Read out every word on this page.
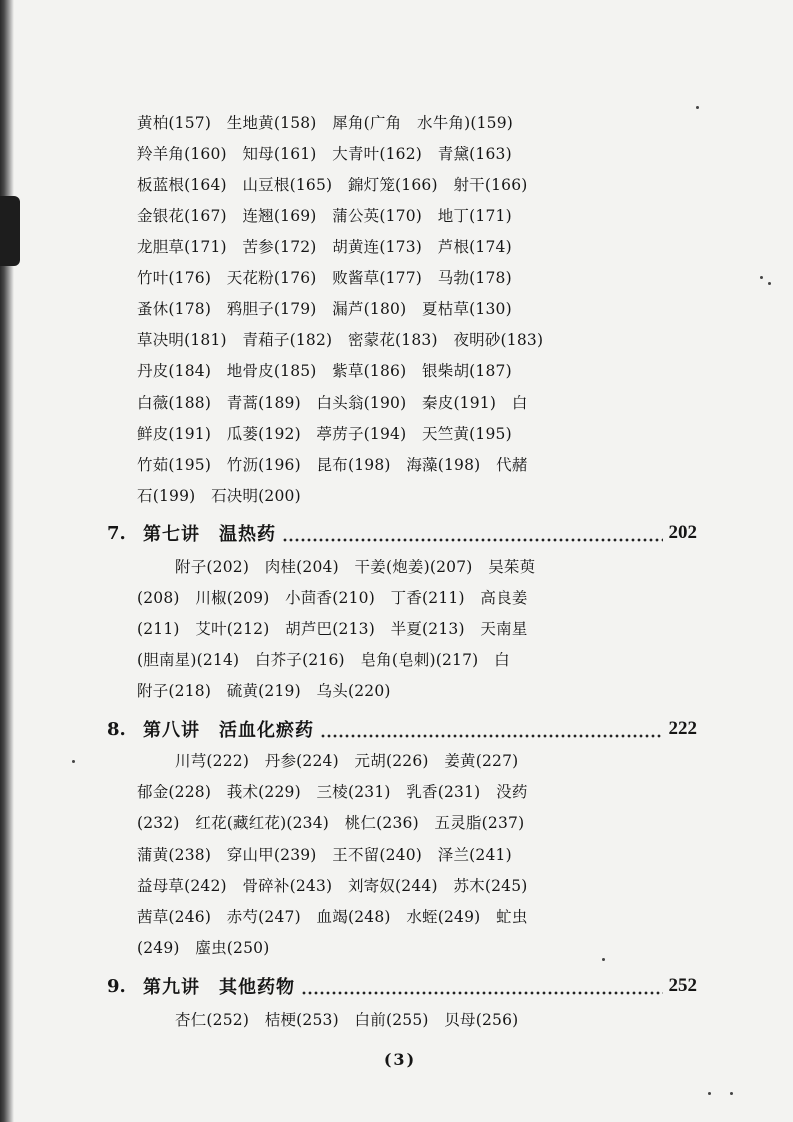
黄柏(157)　生地黄(158)　犀角(广角　水牛角)(159)
羚羊角(160)　知母(161)　大青叶(162)　青黛(163)
板蓝根(164)　山豆根(165)　錦灯笼(166)　射干(166)
金银花(167)　连翘(169)　蒲公英(170)　地丁(171)
龙胆草(171)　苦参(172)　胡黄连(173)　芦根(174)
竹叶(176)　天花粉(176)　败酱草(177)　马勃(178)
蚤休(178)　鸦胆子(179)　漏芦(180)　夏枯草(130)
草决明(181)　青葙子(182)　密蒙花(183)　夜明砂(183)
丹皮(184)　地骨皮(185)　紫草(186)　银柴胡(187)
白薇(188)　青蒿(189)　白头翁(190)　秦皮(191)　白
鲜皮(191)　瓜蒌(192)　葶苈子(194)　天竺黄(195)
竹茹(195)　竹沥(196)　昆布(198)　海藻(198)　代赭
石(199)　石决明(200)
7. 第七讲　温热药	202
附子(202)　肉桂(204)　干姜(炮姜)(207)　吴茱萸
(208)　川椒(209)　小茴香(210)　丁香(211)　高良姜
(211)　艾叶(212)　胡芦巴(213)　半夏(213)　天南星
(胆南星)(214)　白芥子(216)　皂角(皂刺)(217)　白
附子(218)　硫黄(219)　乌头(220)
8. 第八讲　活血化瘀药	222
川芎(222)　丹参(224)　元胡(226)　姜黄(227)
郁金(228)　莪术(229)　三棱(231)　乳香(231)　没药
(232)　红花(藏红花)(234)　桃仁(236)　五灵脂(237)
蒲黄(238)　穿山甲(239)　王不留(240)　泽兰(241)
益母草(242)　骨碎补(243)　刘寄奴(244)　苏木(245)
茜草(246)　赤芍(247)　血竭(248)　水蛭(249)　虻虫
(249)　䗪虫(250)
9. 第九讲　其他药物	252
杏仁(252)　桔梗(253)　白前(255)　贝母(256)
(3)
